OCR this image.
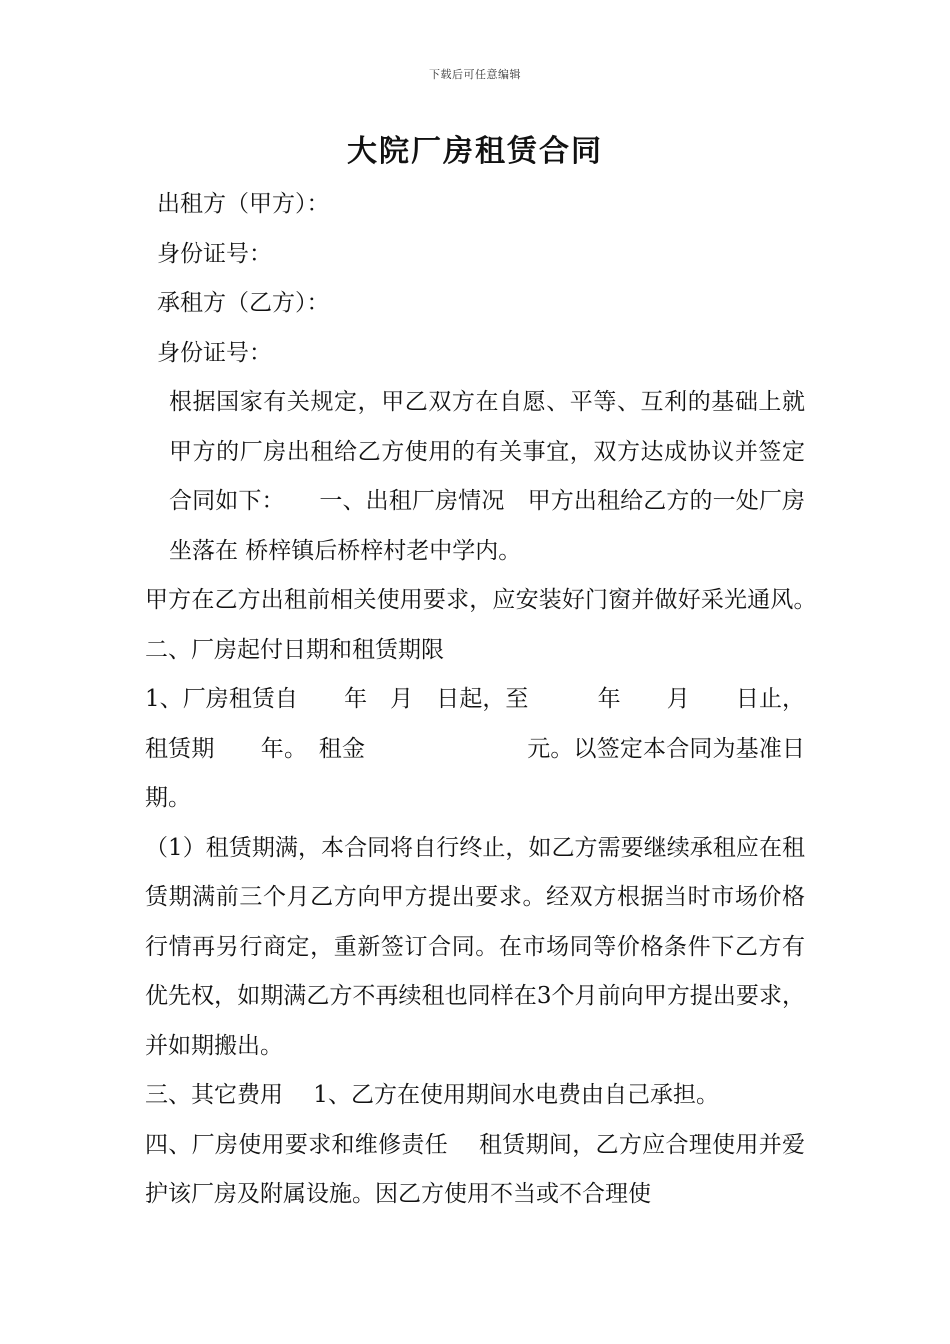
下载后可任意编辑
大院厂房租赁合同
出租方（甲方）：
身份证号：
承租方（乙方）：
身份证号：
根据国家有关规定，甲乙双方在自愿、平等、互利的基础上就甲方的厂房出租给乙方使用的有关事宜，双方达成协议并签定合同如下：　　一、出租厂房情况　甲方出租给乙方的一处厂房坐落在 桥梓镇后桥梓村老中学内。
甲方在乙方出租前相关使用要求，应安装好门窗并做好采光通风。　 二、厂房起付日期和租赁期限
1、厂房租赁自　　年　月　日起，至　　　年　　月　　日止，租赁期　　年。　租金　　　　　　　元。以签定本合同为基准日期。
（1）租赁期满，本合同将自行终止，如乙方需要继续承租应在租赁期满前三个月乙方向甲方提出要求。经双方根据当时市场价格行情再另行商定，重新签订合同。在市场同等价格条件下乙方有优先权，如期满乙方不再续租也同样在3个月前向甲方提出要求，并如期搬出。
三、其它费用　 1、乙方在使用期间水电费由自己承担。
四、厂房使用要求和维修责任　 租赁期间，乙方应合理使用并爱护该厂房及附属设施。因乙方使用不当或不合理使
